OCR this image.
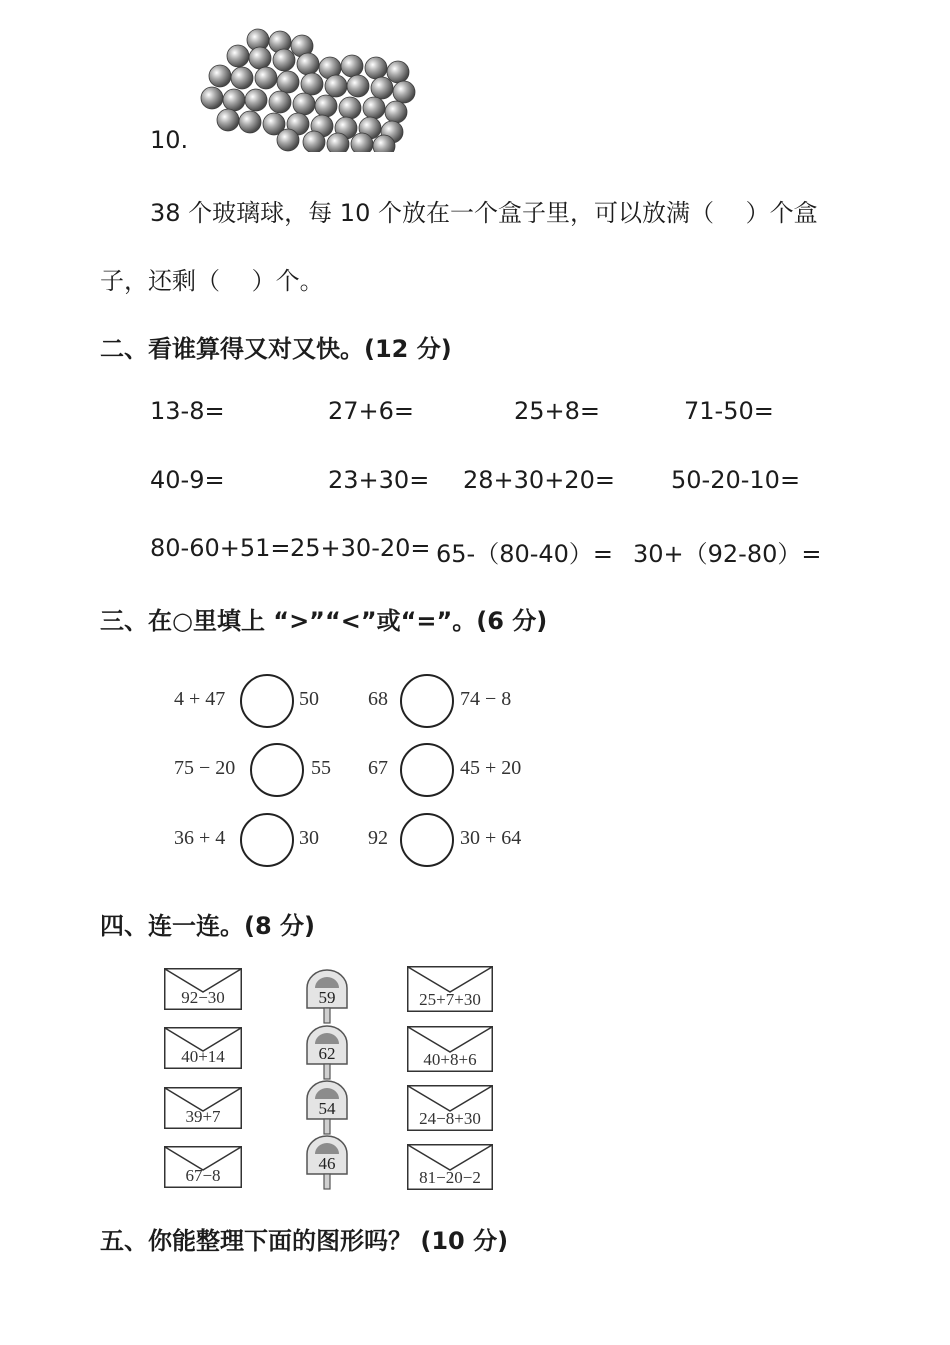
10.
38 个玻璃球，每 10 个放在一个盒子里，可以放满（　 ）个盒
子，还剩（　 ）个。
二、看谁算得又对又快。(12 分)
13-8=	27+6=	25+8=	71-50=
40-9=	23+30= 28+30+20= 50-20-10=
80-60+51= 25+30-20= 65-（80-40）= 30+（92-80）=
三、在○里填上 “>”“<”或“=”。(6 分)
4 + 47	50 68	74 − 8
75 − 20	55 67	45 + 20
36 + 4	30 92	30 + 64
四、连一连。(8 分)
92−30
40+14
39+7
67−8
59
62
54
46
25+7+30
40+8+6
24−8+30
81−20−2
五、你能整理下面的图形吗？ (10 分)
